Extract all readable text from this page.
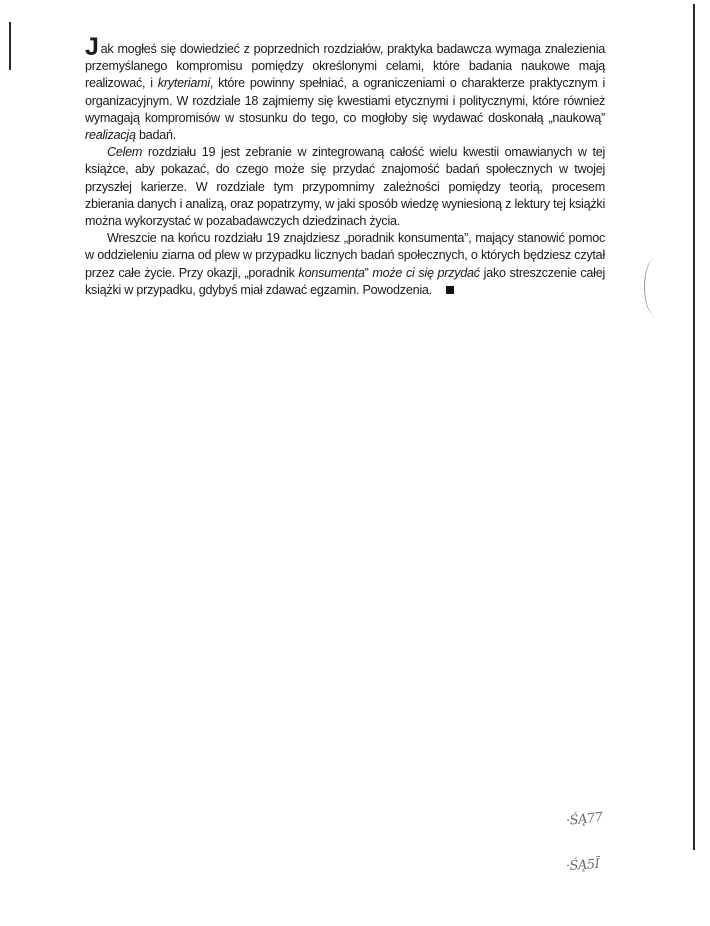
Jak mogłeś się dowiedzieć z poprzednich rozdziałów, praktyka badawcza wymaga znalezienia przemyślanego kompromisu pomiędzy określonymi celami, które badania naukowe mają realizować, i kryteriami, które powinny spełniać, a ograniczeniami o charakterze praktycznym i organizacyjnym. W rozdziale 18 zajmiemy się kwestiami etycznymi i politycznymi, które również wymagają kompromisów w stosunku do tego, co mogłoby się wydawać doskonałą „naukową” realizacją badań.

Celem rozdziału 19 jest zebranie w zintegrowaną całość wielu kwestii omawianych w tej książce, aby pokazać, do czego może się przydać znajomość badań społecznych w twojej przyszłej karierze. W rozdziale tym przypomnimy zależności pomiędzy teorią, procesem zbierania danych i analizą, oraz popatrzymy, w jaki sposób wiedzę wyniesioną z lektury tej książki można wykorzystać w pozabadawczych dziedzinach życia.

Wreszcie na końcu rozdziału 19 znajdziesz „poradnik konsumenta”, mający stanowić pomoc w oddzieleniu ziarna od plew w przypadku licznych badań społecznych, o których będziesz czytał przez całe życie. Przy okazji, „poradnik konsumenta” może ci się przydać jako streszczenie całej książki w przypadku, gdybyś miał zdawać egzamin. Powodzenia.

·ŚĄ77
·ŚĄ5Ī
